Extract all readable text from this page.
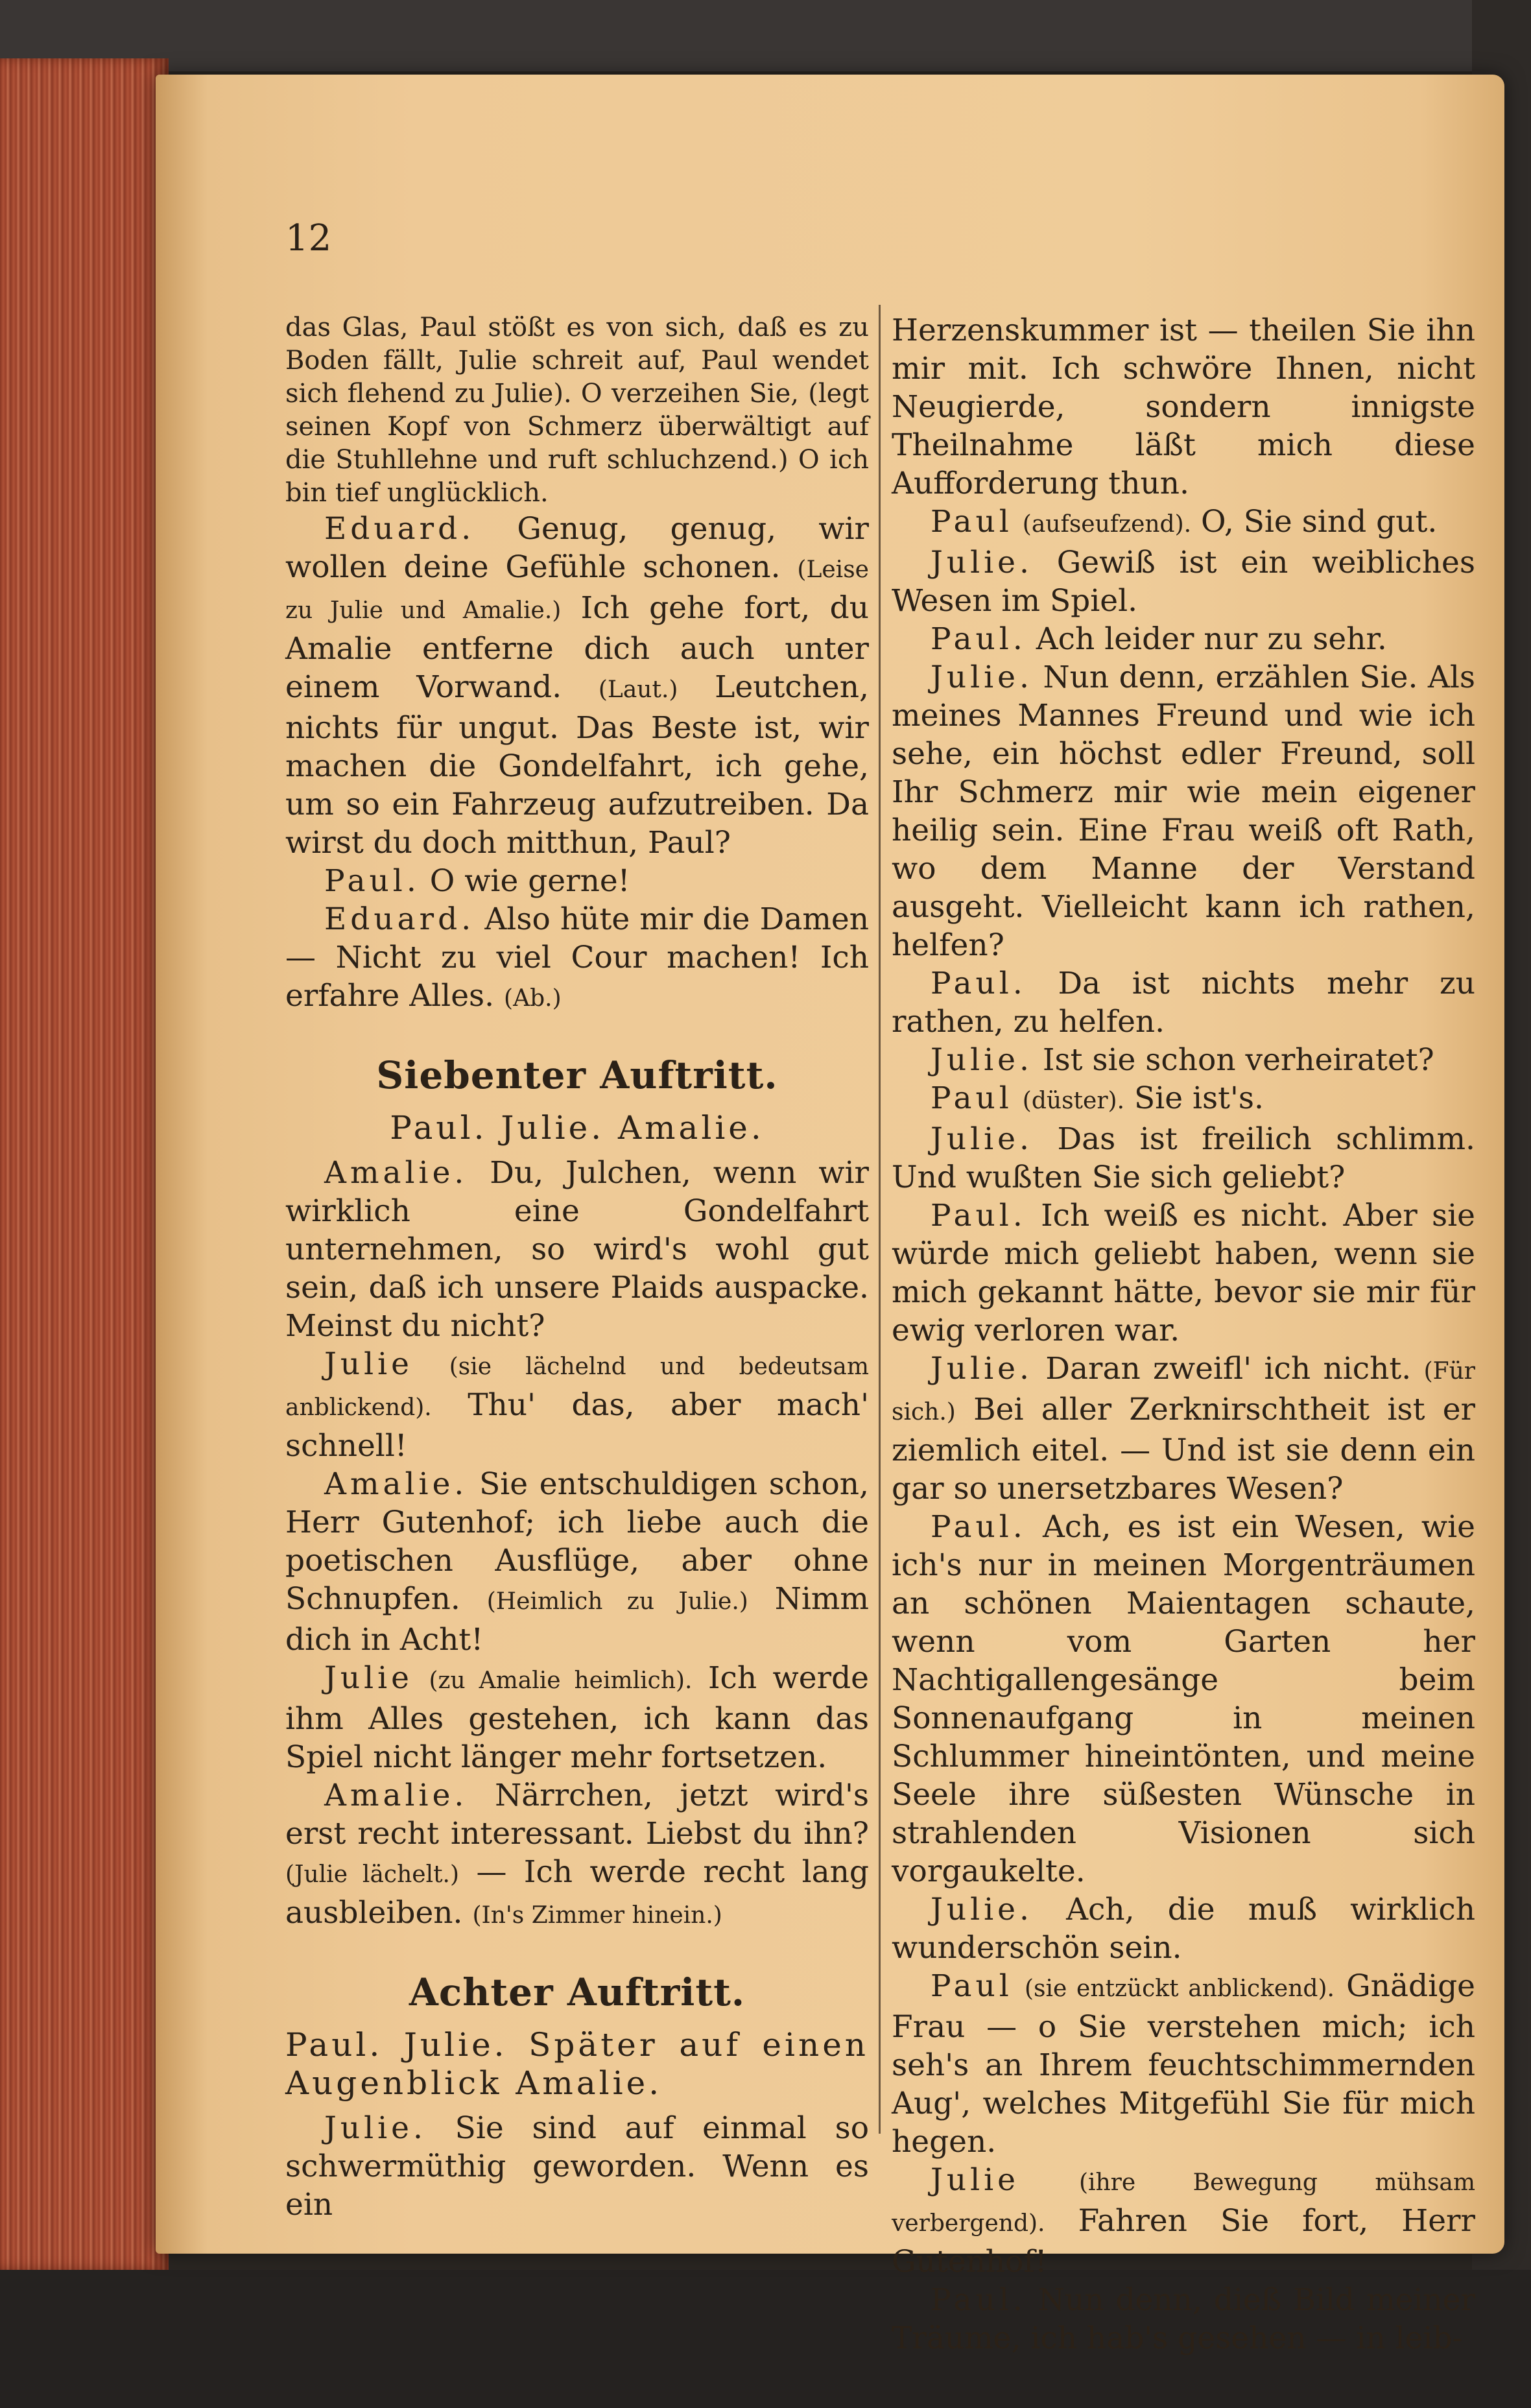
12

das Glas, Paul stößt es von sich, daß es zu Boden fällt, Julie schreit auf, Paul wendet sich flehend zu Julie). O verzeihen Sie, (legt seinen Kopf von Schmerz überwältigt auf die Stuhllehne und ruft schluchzend.) O ich bin tief unglücklich.

Eduard. Genug, genug, wir wollen deine Gefühle schonen. (Leise zu Julie und Amalie.) Ich gehe fort, du Amalie entferne dich auch unter einem Vorwand. (Laut.) Leutchen, nichts für ungut. Das Beste ist, wir machen die Gondelfahrt, ich gehe, um so ein Fahrzeug aufzutreiben. Da wirst du doch mitthun, Paul?

Paul. O wie gerne!

Eduard. Also hüte mir die Damen — Nicht zu viel Cour machen! Ich erfahre Alles. (Ab.)

Siebenter Auftritt.
Paul. Julie. Amalie.

Amalie. Du, Julchen, wenn wir wirklich eine Gondelfahrt unternehmen, so wird's wohl gut sein, daß ich unsere Plaids auspacke. Meinst du nicht?

Julie (sie lächelnd und bedeutsam anblickend). Thu' das, aber mach' schnell!

Amalie. Sie entschuldigen schon, Herr Gutenhof; ich liebe auch die poetischen Ausflüge, aber ohne Schnupfen. (Heimlich zu Julie.) Nimm dich in Acht!

Julie (zu Amalie heimlich). Ich werde ihm Alles gestehen, ich kann das Spiel nicht länger mehr fortsetzen.

Amalie. Närrchen, jetzt wird's erst recht interessant. Liebst du ihn? (Julie lächelt.) — Ich werde recht lang ausbleiben. (In's Zimmer hinein.)

Achter Auftritt.
Paul. Julie. Später auf einen Augenblick Amalie.

Julie. Sie sind auf einmal so schwermüthig geworden. Wenn es ein

Herzenskummer ist — theilen Sie ihn mir mit. Ich schwöre Ihnen, nicht Neugierde, sondern innigste Theilnahme läßt mich diese Aufforderung thun.

Paul (aufseufzend). O, Sie sind gut.

Julie. Gewiß ist ein weibliches Wesen im Spiel.

Paul. Ach leider nur zu sehr.

Julie. Nun denn, erzählen Sie. Als meines Mannes Freund und wie ich sehe, ein höchst edler Freund, soll Ihr Schmerz mir wie mein eigener heilig sein. Eine Frau weiß oft Rath, wo dem Manne der Verstand ausgeht. Vielleicht kann ich rathen, helfen?

Paul. Da ist nichts mehr zu rathen, zu helfen.

Julie. Ist sie schon verheiratet?

Paul (düster). Sie ist's.

Julie. Das ist freilich schlimm. Und wußten Sie sich geliebt?

Paul. Ich weiß es nicht. Aber sie würde mich geliebt haben, wenn sie mich gekannt hätte, bevor sie mir für ewig verloren war.

Julie. Daran zweifl' ich nicht. (Für sich.) Bei aller Zerknirschtheit ist er ziemlich eitel. — Und ist sie denn ein gar so unersetzbares Wesen?

Paul. Ach, es ist ein Wesen, wie ich's nur in meinen Morgenträumen an schönen Maientagen schaute, wenn vom Garten her Nachtigallengesänge beim Sonnenaufgang in meinen Schlummer hineintönten, und meine Seele ihre süßesten Wünsche in strahlenden Visionen sich vorgaukelte.

Julie. Ach, die muß wirklich wunderschön sein.

Paul (sie entzückt anblickend). Gnädige Frau — o Sie verstehen mich; ich seh's an Ihrem feuchtschimmernden Aug', welches Mitgefühl Sie für mich hegen.

Julie	(ihre Bewegung mühsam verbergend). Fahren Sie fort, Herr Gutenhof!

Paul. Nun denn, dieß Bild meiner Träume, ich hab's gesehen — in leib-
